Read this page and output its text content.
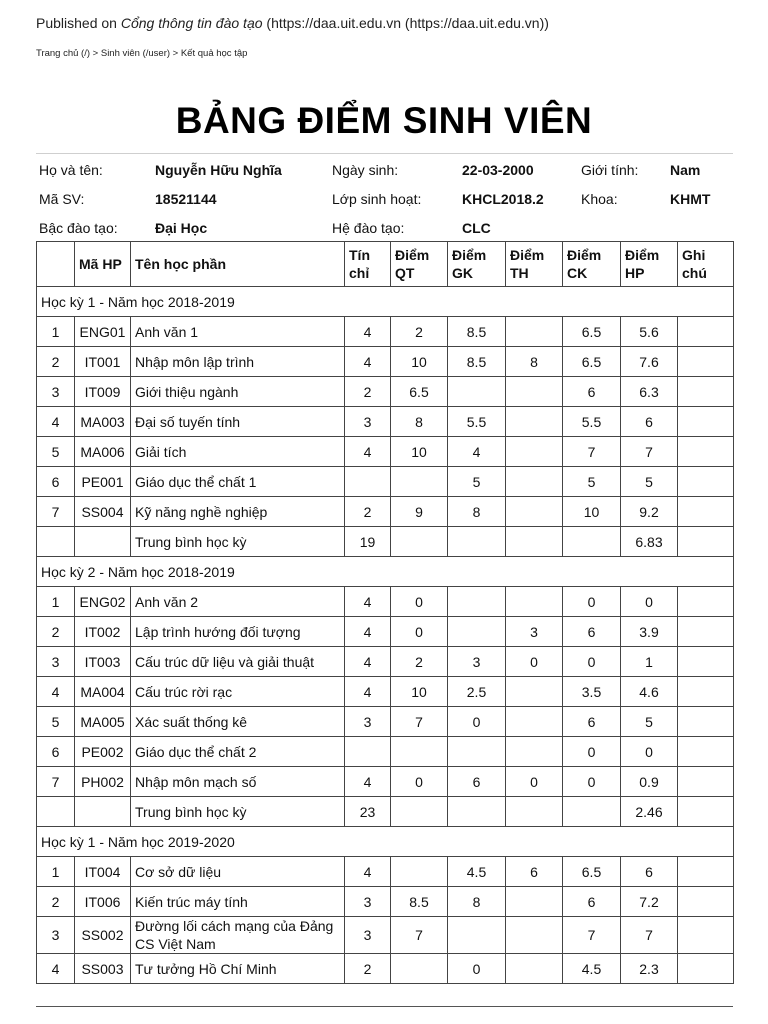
Published on Cổng thông tin đào tạo (https://daa.uit.edu.vn (https://daa.uit.edu.vn))
Trang chủ (/) > Sinh viên (/user) > Kết quả học tập
BẢNG ĐIỂM SINH VIÊN
Họ và tên:	Nguyễn Hữu Nghĩa	Ngày sinh:	22-03-2000	Giới tính: Nam
Mã SV:	18521144	Lớp sinh hoạt:	KHCL2018.2	Khoa:	KHMT
Bậc đào tạo:	Đại Học	Hệ đào tạo:	CLC
	Mã HP	Tên học phần	Tín chỉ	Điểm QT	Điểm GK	Điểm TH	Điểm CK	Điểm HP	Ghi chú
Học kỳ 1 - Năm học 2018-2019									
1	ENG01	Anh văn 1	4	2	8.5		6.5	5.6	
2	IT001	Nhập môn lập trình	4	10	8.5	8	6.5	7.6	
3	IT009	Giới thiệu ngành	2	6.5			6	6.3	
4	MA003	Đại số tuyến tính	3	8	5.5		5.5	6	
5	MA006	Giải tích	4	10	4		7	7	
6	PE001	Giáo dục thể chất 1			5		5	5	
7	SS004	Kỹ năng nghề nghiệp	2	9	8		10	9.2	
		Trung bình học kỳ	19					6.83	
Học kỳ 2 - Năm học 2018-2019									
1	ENG02	Anh văn 2	4	0			0	0	
2	IT002	Lập trình hướng đối tượng	4	0		3	6	3.9	
3	IT003	Cấu trúc dữ liệu và giải thuật	4	2	3	0	0	1	
4	MA004	Cấu trúc rời rạc	4	10	2.5		3.5	4.6	
5	MA005	Xác suất thống kê	3	7	0		6	5	
6	PE002	Giáo dục thể chất 2					0	0	
7	PH002	Nhập môn mạch số	4	0	6	0	0	0.9	
		Trung bình học kỳ	23					2.46	
Học kỳ 1 - Năm học 2019-2020									
1	IT004	Cơ sở dữ liệu	4		4.5	6	6.5	6	
2	IT006	Kiến trúc máy tính	3	8.5	8		6	7.2	
3	SS002	Đường lối cách mạng của Đảng CS Việt Nam	3	7			7	7	
4	SS003	Tư tưởng Hồ Chí Minh	2		0		4.5	2.3	
